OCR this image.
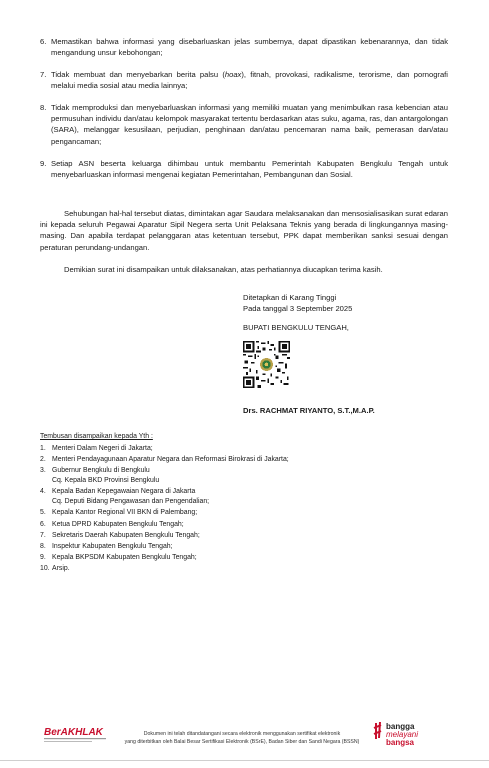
6. Memastikan bahwa informasi yang disebarluaskan jelas sumbernya, dapat dipastikan kebenarannya, dan tidak mengandung unsur kebohongan;
7. Tidak membuat dan menyebarkan berita palsu (hoax), fitnah, provokasi, radikalisme, terorisme, dan pornografi melalui media sosial atau media lainnya;
8. Tidak memproduksi dan menyebarluaskan informasi yang memiliki muatan yang menimbulkan rasa kebencian atau permusuhan individu dan/atau kelompok masyarakat tertentu berdasarkan atas suku, agama, ras, dan antargolongan (SARA), melanggar kesusilaan, perjudian, penghinaan dan/atau pencemaran nama baik, pemerasan dan/atau pengancaman;
9. Setiap ASN beserta keluarga dihimbau untuk membantu Pemerintah Kabupaten Bengkulu Tengah untuk menyebarluaskan informasi mengenai kegiatan Pemerintahan, Pembangunan dan Sosial.
Sehubungan hal-hal tersebut diatas, dimintakan agar Saudara melaksanakan dan mensosialisasikan surat edaran ini kepada seluruh Pegawai Aparatur Sipil Negera serta Unit Pelaksana Teknis yang berada di lingkungannya masing-masing. Dan apabila terdapat pelanggaran atas ketentuan tersebut, PPK dapat memberikan sanksi sesuai dengan peraturan perundang-undangan.
Demikian surat ini disampaikan untuk dilaksanakan, atas perhatiannya diucapkan terima kasih.
Ditetapkan di Karang Tinggi
Pada tanggal 3 September 2025
BUPATI BENGKULU TENGAH,
Drs. RACHMAT RIYANTO, S.T.,M.A.P.
Tembusan disampaikan kepada Yth :
1. Menteri Dalam Negeri di Jakarta;
2. Menteri Pendayagunaan Aparatur Negara dan Reformasi Birokrasi di Jakarta;
3. Gubernur Bengkulu di Bengkulu
Cq. Kepala BKD Provinsi Bengkulu
4. Kepala Badan Kepegawaian Negara di Jakarta
Cq. Deputi Bidang Pengawasan dan Pengendalian;
5. Kepala Kantor Regional VII BKN di Palembang;
6. Ketua DPRD Kabupaten Bengkulu Tengah;
7. Sekretaris Daerah Kabupaten Bengkulu Tengah;
8. Inspektur Kabupaten Bengkulu Tengah;
9. Kepala BKPSDM Kabupaten Bengkulu Tengah;
10. Arsip.
BerAKHLAK	Dokumen ini telah ditandatangani secara elektronik menggunakan sertifikat elektronik
yang diterbitkan oleh Balai Besar Sertifikasi Elektronik (BSrE), Badan Siber dan Sandi Negara (BSSN)
bangga
melayani
bangsa
